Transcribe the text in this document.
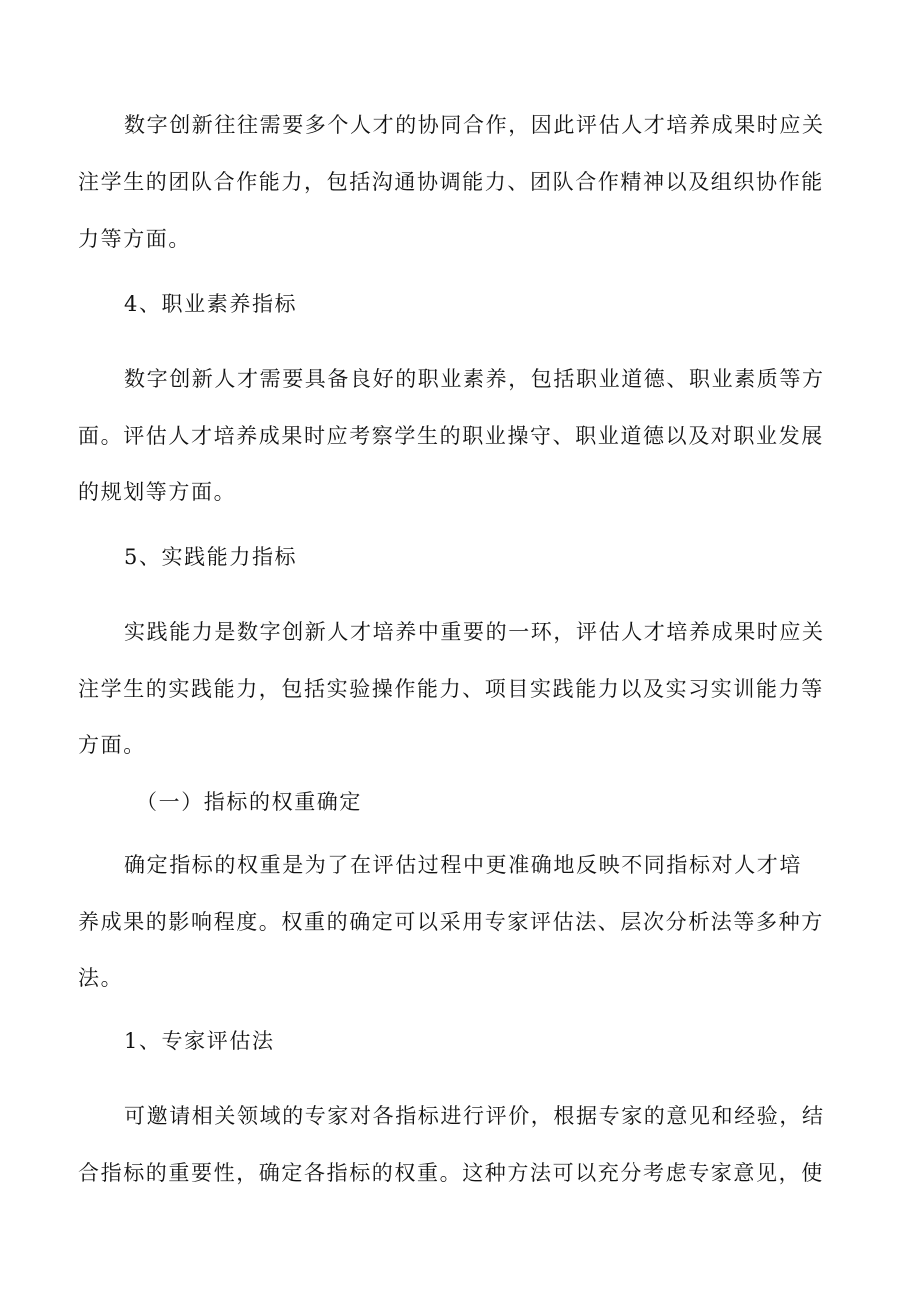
数字创新往往需要多个人才的协同合作，因此评估人才培养成果时应关
注学生的团队合作能力，包括沟通协调能力、团队合作精神以及组织协作能
力等方面。
4、职业素养指标
数字创新人才需要具备良好的职业素养，包括职业道德、职业素质等方
面。评估人才培养成果时应考察学生的职业操守、职业道德以及对职业发展
的规划等方面。
5、实践能力指标
实践能力是数字创新人才培养中重要的一环，评估人才培养成果时应关
注学生的实践能力，包括实验操作能力、项目实践能力以及实习实训能力等
方面。
（一）指标的权重确定
确定指标的权重是为了在评估过程中更准确地反映不同指标对人才培
养成果的影响程度。权重的确定可以采用专家评估法、层次分析法等多种方
法。
1、专家评估法
可邀请相关领域的专家对各指标进行评价，根据专家的意见和经验，结
合指标的重要性，确定各指标的权重。这种方法可以充分考虑专家意见，使
